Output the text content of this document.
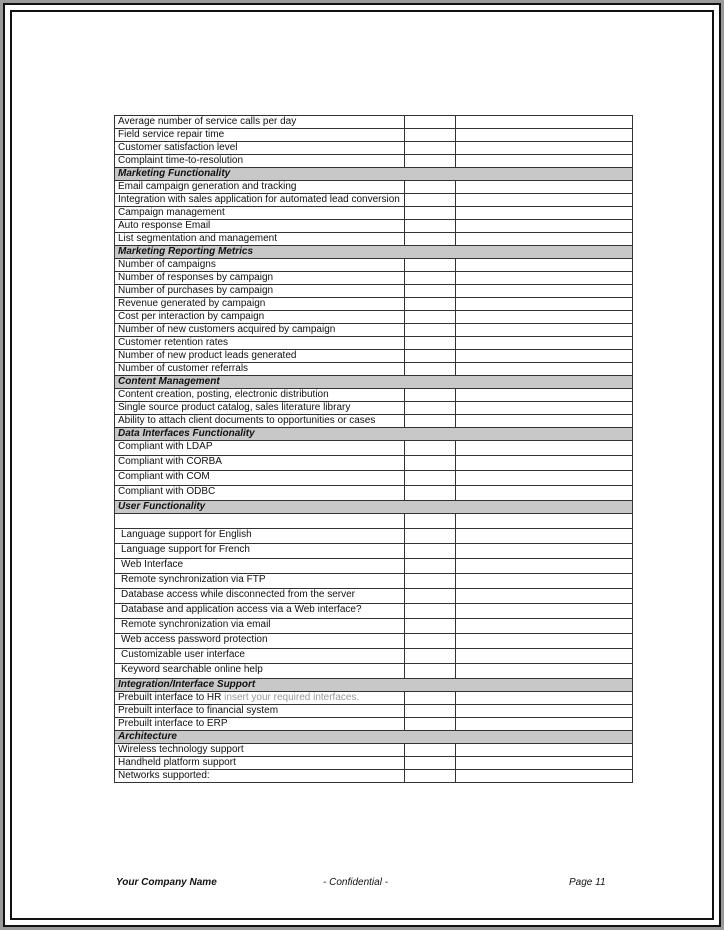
Average number of service calls per day		
Field service repair time		
Customer satisfaction level		
Complaint time-to-resolution		
Marketing Functionality		
Email campaign generation and tracking		
Integration with sales application for automated lead conversion		
Campaign management		
Auto response Email		
List segmentation and management		
Marketing Reporting Metrics		
Number of campaigns		
Number of responses by campaign		
Number of purchases by campaign		
Revenue generated by campaign		
Cost per interaction by campaign		
Number of new customers acquired by campaign		
Customer retention rates		
Number of new product leads generated		
Number of customer referrals		
Content Management		
Content creation, posting, electronic distribution		
Single source product catalog, sales literature library		
Ability to attach client documents to opportunities or cases		
Data Interfaces Functionality		
Compliant with LDAP		
Compliant with CORBA		
Compliant with COM		
Compliant with ODBC		
User Functionality		

Language support for English		
Language support for French		
Web Interface		
Remote synchronization via FTP		
Database access while disconnected from the server		
Database and application access via a Web interface?		
Remote synchronization via email		
Web access password protection		
Customizable user interface		
Keyword searchable online help		
Integration/Interface Support		
Prebuilt interface to HR insert your required interfaces.		
Prebuilt interface to financial system		
Prebuilt interface to ERP		
Architecture		
Wireless technology support		
Handheld platform support		
Networks supported:		
Your Company Name	- Confidential -	Page 11
